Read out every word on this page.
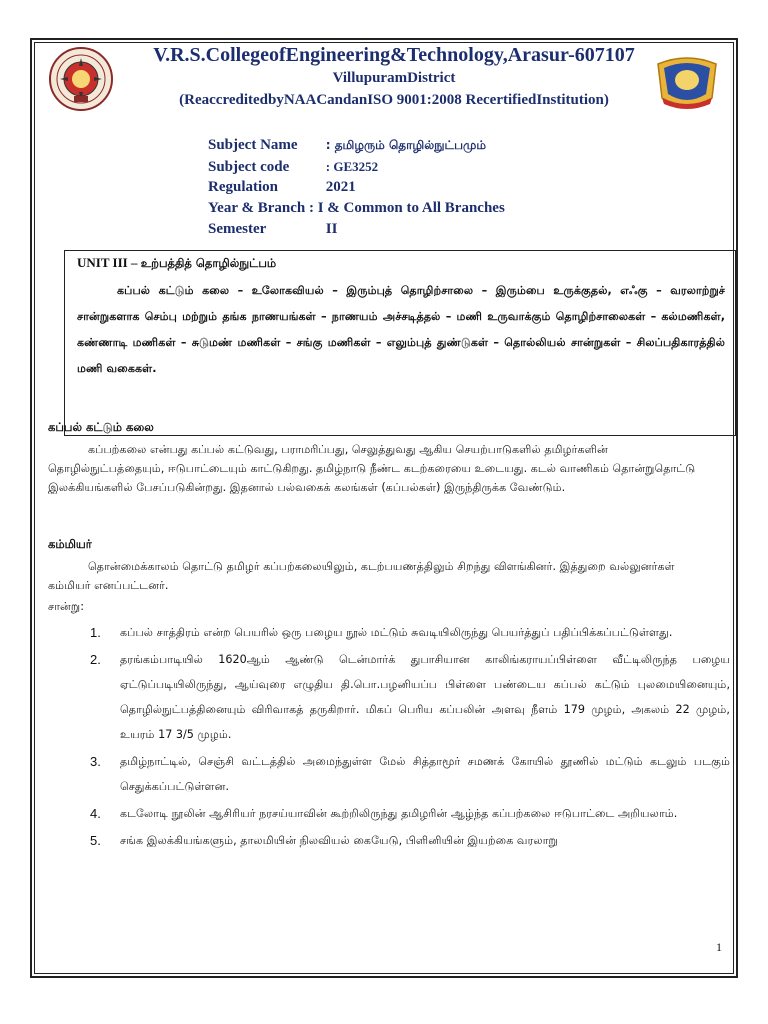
V.R.S.CollegeofEngineering&Technology,Arasur-607107
VillupuramDistrict
(ReaccreditedbyNAACandanISO 9001:2008 RecertifiedInstitution)
Subject Name : தமிழரும் தொழில்நுட்பமும்
Subject code	: GE3252
Regulation	2021
Year & Branch : I & Common to All Branches
Semester	II
UNIT III – உற்பத்தித் தொழில்நுட்பம்
கப்பல் கட்டும் கலை – உலோகவியல் – இரும்புத் தொழிற்சாலை – இரும்பை உருக்குதல், எஃகு – வரலாற்றுச் சான்றுகளாக செம்பு மற்றும் தங்க நாணயங்கள் – நாணயம் அச்சடித்தல் – மணி உருவாக்கும் தொழிற்சாலைகள் – கல்மணிகள், கண்ணாடி மணிகள் – சுடுமண் மணிகள் – சங்கு மணிகள் – எலும்புத் துண்டுகள் – தொல்லியல் சான்றுகள் – சிலப்பதிகாரத்தில் மணி வகைகள்.
கப்பல் கட்டும் கலை
கப்பற்கலை என்பது கப்பல் கட்டுவது, பராமரிப்பது, செலுத்துவது ஆகிய செயற்பாடுகளில் தமிழர்களின் தொழில்நுட்பத்தையும், ஈடுபாட்டையும் காட்டுகிறது. தமிழ்நாடு நீண்ட கடற்கரையை உடையது. கடல் வாணிகம் தொன்றுதொட்டு இலக்கியங்களில் பேசப்படுகின்றது. இதனால் பல்வகைக் கலங்கள் (கப்பல்கள்) இருந்திருக்க வேண்டும்.
கம்மியர்
தொன்மைக்காலம் தொட்டு தமிழர் கப்பற்கலையிலும், கடற்பயணத்திலும் சிறந்து விளங்கினர். இத்துறை வல்லுனர்கள் கம்மியர் எனப்பட்டனர்.
சான்று:
1. கப்பல் சாத்திரம் என்ற பெயரில் ஒரு பழைய நூல் மட்டும் சுவடியிலிருந்து பெயர்த்துப் பதிப்பிக்கப்பட்டுள்ளது.
2. தரங்கம்பாடியில் 1620ஆம் ஆண்டு டென்மார்க் துபாசியான காலிங்கராயப்பிள்ளை வீட்டிலிருந்த பழைய ஏட்டுப்படியிலிருந்து, ஆய்வுரை எழுதிய தி.பொ.பழனியப்ப பிள்ளை பண்டைய கப்பல் கட்டும் புலமையினையும், தொழில்நுட்பத்தினையும் விரிவாகத் தருகிறார். மிகப் பெரிய கப்பலின் அளவு நீளம் 179 முழம், அகலம் 22 முழம், உயரம் 17 3/5 முழம்.
3. தமிழ்நாட்டில், செஞ்சி வட்டத்தில் அமைந்துள்ள மேல் சித்தாமூர் சமணக் கோயில் தூணில் மட்டும் கடலும் படகும் செதுக்கப்பட்டுள்ளன.
4. கடலோடி நூலின் ஆசிரியர் நரசய்யாவின் கூற்றிலிருந்து தமிழரின் ஆழ்ந்த கப்பற்கலை ஈடுபாட்டை அறியலாம்.
5. சங்க இலக்கியங்களும், தாலமியின் நிலவியல் கையேடு, பிளினியின் இயற்கை வரலாறு
1
